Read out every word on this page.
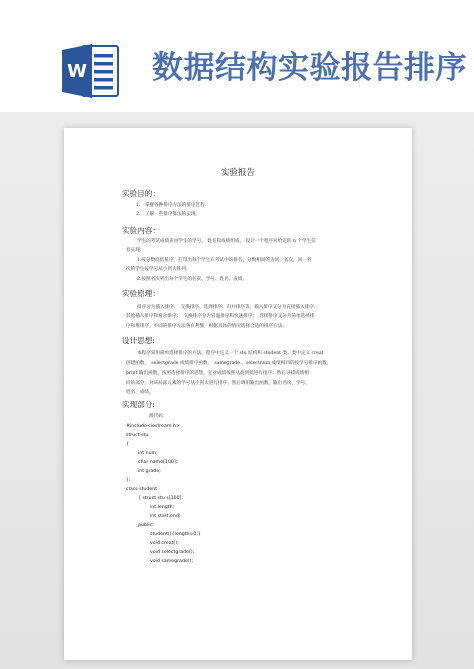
W 数据结构实验报告排序
实验报告
实验目的：
1.　掌握各种排序方法的排序过程；
2.　了解一些排序算法的实现。
实验内容：
学生的考试成绩表由学生的学号、 姓名和成绩组成， 设计一个程序对给定的 n 个学生信
息实现：
1.按分数高低排序，打印出每个学生在考试中的排名，分数相同的为同一名次，同一名
次的学生按学号从小到大排列。
2.按照名次列出每个学生的名次、学号、姓名、成绩。
实验原理：
排序分为插入排序、　交换排序、选择排序、归并排序等。插入排序又分为直接插入排序、
其他插入排序和希尔排序；　交换排序分为冒泡排序和快速排序；　选择排序又分为简单选择排
序和堆排序。不同的排序方法各有利弊，根据具体的情况选择合适的排序方法。
设计思想:
本程序采用简单选择排序的方法。程序中定义一个 stu 结构和 student 类。类中定义 creat
创建函数，　selectgrade 成绩排序函数，　samegrade 、selectnum 成绩相同的按学号排序函数，
print 输出函数。按照选择排序的思想，先对成绩按照从高到低进行排序；然后寻找成绩相
同的部分，对该局部元素的学号从小到大进行排序。然后调用输出函数，输出名次、学号、
姓名、成绩。
实现部分:
源代码：
#include<iostream.h>
struct stu
{
int num;
char name[100];
int grade;
};
class student
{ struct stu s[100];
int length;
int start,end;
public:
student(){length=0;}
void creat();
void selectgrade();
void samegrade();
